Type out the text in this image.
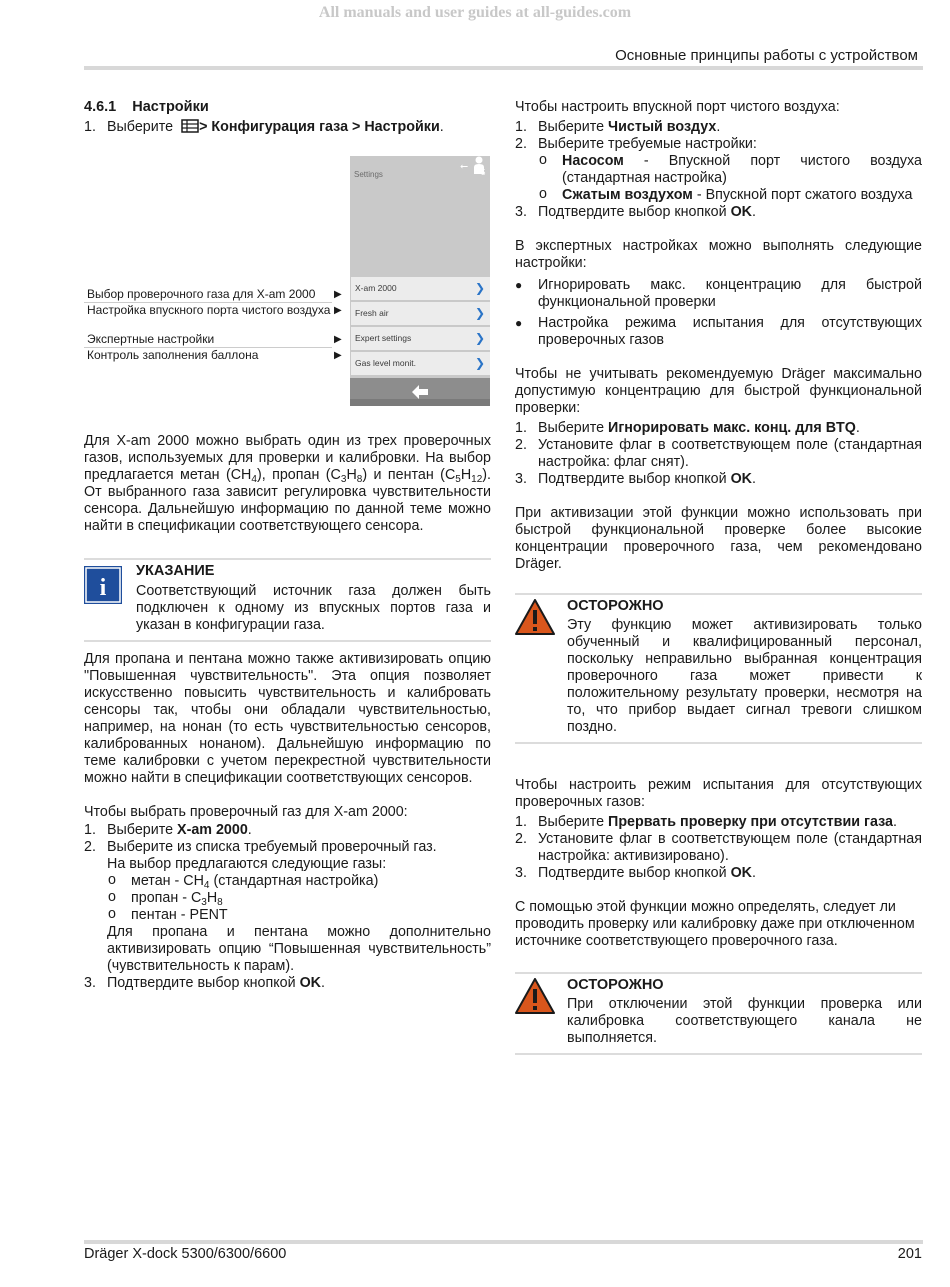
All manuals and user guides at all-guides.com
Основные принципы работы с устройством
4.6.1 Настройки
1. Выберите > Конфигурация газа > Настройки.
Settings
⭠
5
X-am 2000	❯
Fresh air	❯
Expert settings	❯
Gas level monit.	❯
Выбор проверочного газа для X-am 2000 ▶
Настройка впускного порта чистого воздуха ▶
Экспертные настройки	▶
Контроль заполнения баллона	▶

Для X-am 2000 можно выбрать один из трех проверочных газов, используемых для проверки и калибровки. На выбор предлагается метан $(CH_4)$, пропан $(C_3H_8)$ и пентан $(C_5H_{12})$. От выбранного газа зависит регулировка чувствительности сенсора. Дальнейшую информацию по данной теме можно найти в спецификации соответствующего сенсора.

i
УКАЗАНИЕ

Соответствующий источник газа должен быть подключен к одному из впускных портов газа и указан в конфигурации газа.

Для пропана и пентана можно также активизировать опцию "Повышенная чувствительность". Эта опция позволяет искусственно повысить чувствительность и калибровать сенсоры так, чтобы они обладали чувствительностью, например, на нонан (то есть чувствительностью сенсоров, калиброванных нонаном). Дальнейшую информацию по теме калибровки с учетом перекрестной чувствительности можно найти в спецификации соответствующих сенсоров.

Чтобы выбрать проверочный газ для X-am 2000:

1. Выберите X-am 2000.
2. Выберите из списка требуемый проверочный газ.
На выбор предлагаются следующие газы:
o метан - $CH_4$ (стандартная настройка)
o пропан - $C_3H_8$
o пентан - PENT

Для пропана и пентана можно дополнительно активизировать опцию “Повышенная чувствительность” (чувствительность к парам).

3. Подтвердите выбор кнопкой OK.

Чтобы настроить впускной порт чистого воздуха:

1. Выберите Чистый воздух.
2. Выберите требуемые настройки:
o Насосом - Впускной порт чистого воздуха (стандартная настройка)
o Сжатым воздухом - Впускной порт сжатого воздуха
3. Подтвердите выбор кнопкой OK.

В экспертных настройках можно выполнять следующие настройки:

● Игнорировать макс. концентрацию для быстрой функциональной проверки
● Настройка режима испытания для отсутствующих проверочных газов

Чтобы не учитывать рекомендуемую Dräger максимально допустимую концентрацию для быстрой функциональной проверки:

1. Выберите Игнорировать макс. конц. для BTQ.
2. Установите флаг в соответствующем поле (стандартная настройка: флаг снят).
3. Подтвердите выбор кнопкой OK.

При активизации этой функции можно использовать при быстрой функциональной проверке более высокие концентрации проверочного газа, чем рекомендовано Dräger.

ОСТОРОЖНО

Эту функцию может активизировать только обученный и квалифицированный персонал, поскольку неправильно выбранная концентрация проверочного газа может привести к положительному результату проверки, несмотря на то, что прибор выдает сигнал тревоги слишком поздно.

Чтобы настроить режим испытания для отсутствующих проверочных газов:

1. Выберите Прервать проверку при отсутствии газа.
2. Установите флаг в соответствующем поле (стандартная настройка: активизировано).
3. Подтвердите выбор кнопкой OK.

С помощью этой функции можно определять, следует ли проводить проверку или калибровку даже при отключенном источнике соответствующего проверочного газа.

ОСТОРОЖНО

При отключении этой функции проверка или калибровка соответствующего канала не выполняется.

Dräger X-dock 5300/6300/6600	201
